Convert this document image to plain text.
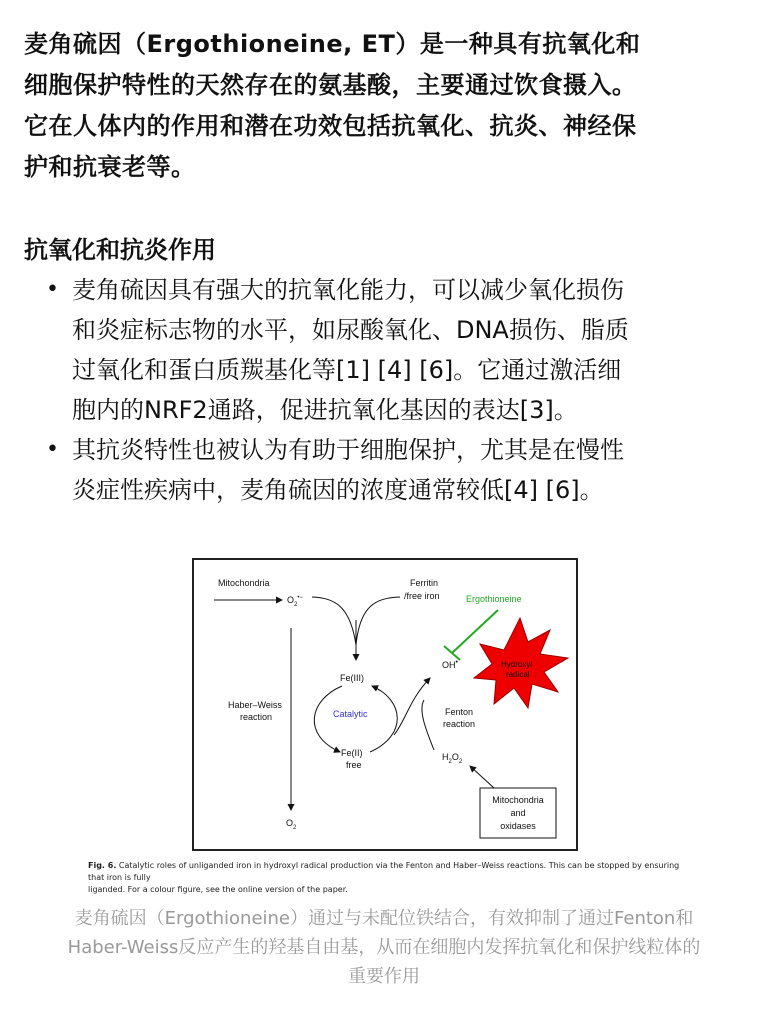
麦角硫因（Ergothioneine, ET）是一种具有抗氧化和
细胞保护特性的天然存在的氨基酸，主要通过饮食摄入。
它在人体内的作用和潜在功效包括抗氧化、抗炎、神经保
护和抗衰老等。
抗氧化和抗炎作用
• 麦角硫因具有强大的抗氧化能力，可以减少氧化损伤
和炎症标志物的水平，如尿酸氧化、DNA损伤、脂质
过氧化和蛋白质羰基化等[1] [4] [6]。它通过激活细
胞内的NRF2通路，促进抗氧化基因的表达[3]。
• 其抗炎特性也被认为有助于细胞保护，尤其是在慢性
炎症性疾病中，麦角硫因的浓度通常较低[4] [6]。
Mitochondria
$O_2^{•-}$
Ferritin
/free iron	Ergothioneine
OH•	Hydroxyl
radical
Fe(III)
Haber–Weiss
reaction	Catalytic	Fenton
reaction
Fe(II)
free
$H_2O_2$
$O_2$
Mitochondria
and
oxidases
Fig. 6. Catalytic roles of unliganded iron in hydroxyl radical production via the Fenton and Haber–Weiss reactions. This can be stopped by ensuring that iron is fully
liganded. For a colour figure, see the online version of the paper.
麦角硫因（Ergothioneine）通过与未配位铁结合，有效抑制了通过Fenton和
Haber-Weiss反应产生的羟基自由基，从而在细胞内发挥抗氧化和保护线粒体的
重要作用
